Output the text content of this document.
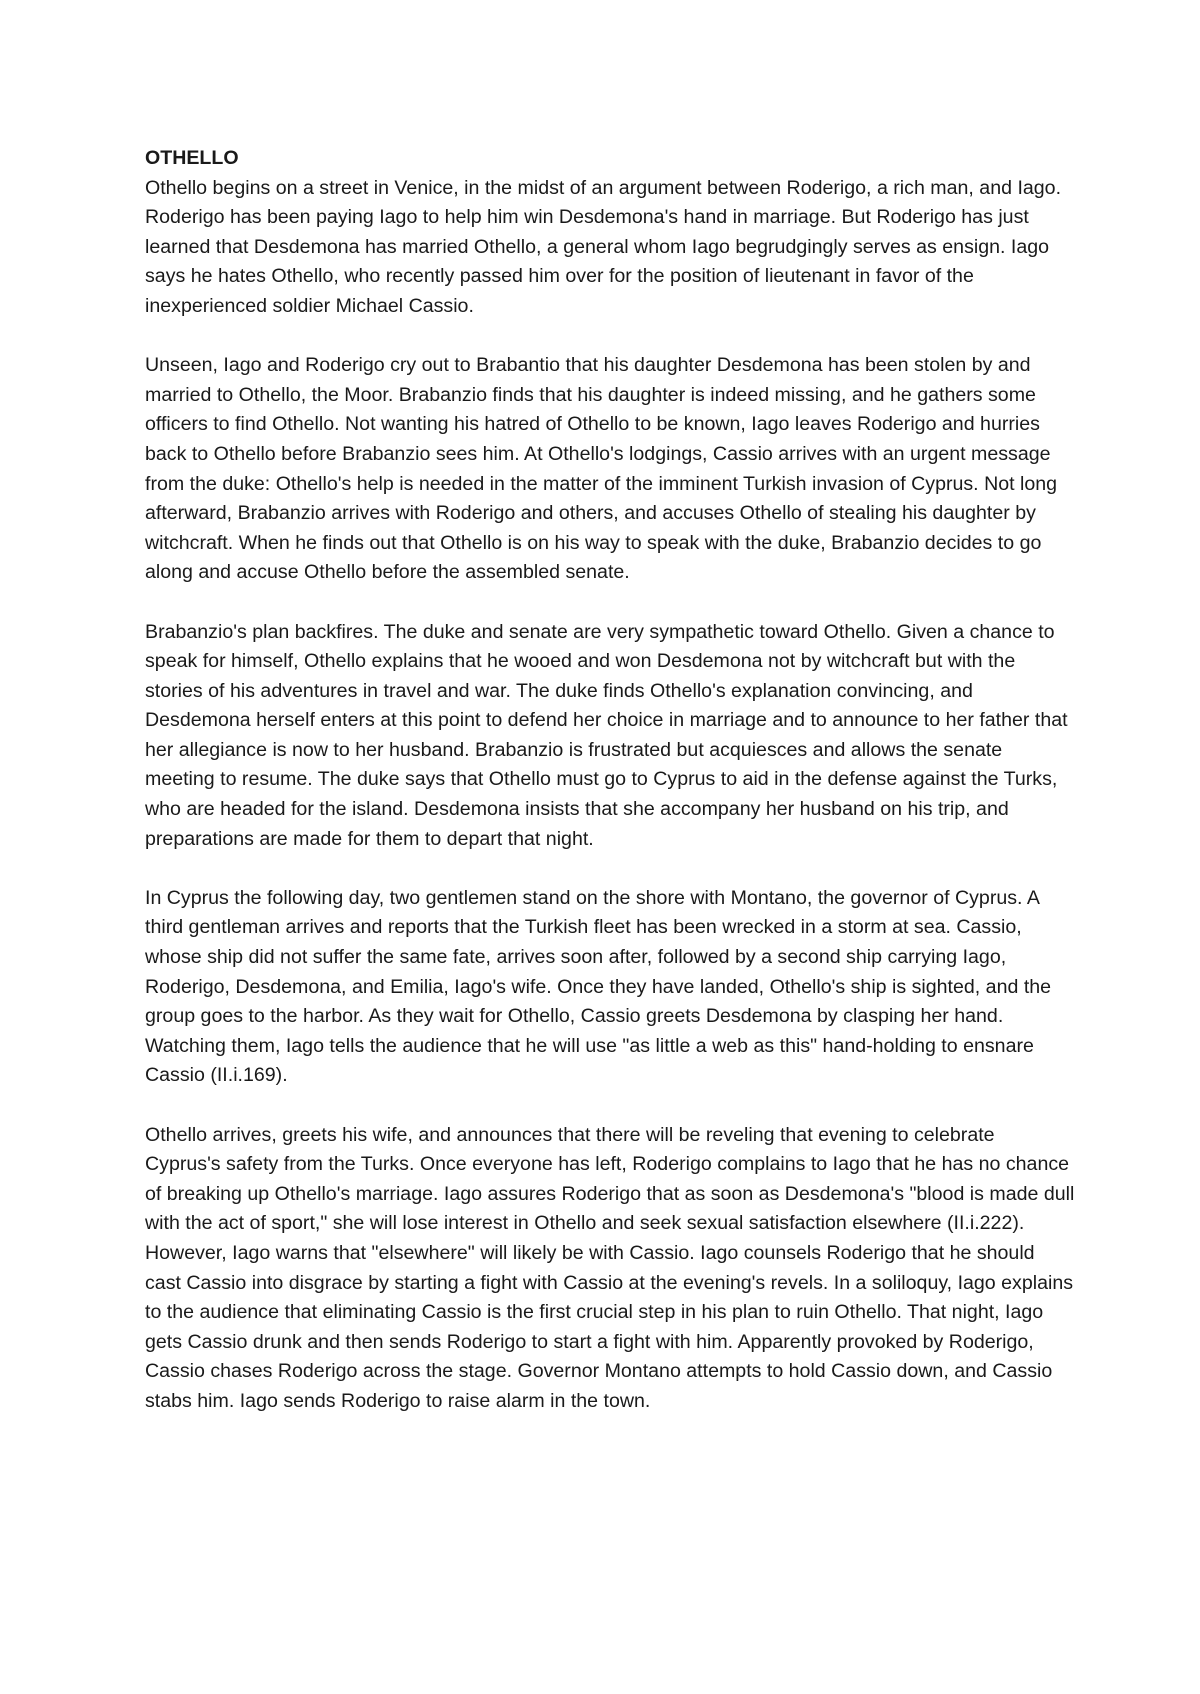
OTHELLO

Othello begins on a street in Venice, in the midst of an argument between Roderigo, a rich man, and Iago. Roderigo has been paying Iago to help him win Desdemona's hand in marriage. But Roderigo has just learned that Desdemona has married Othello, a general whom Iago begrudgingly serves as ensign. Iago says he hates Othello, who recently passed him over for the position of lieutenant in favor of the inexperienced soldier Michael Cassio.

Unseen, Iago and Roderigo cry out to Brabantio that his daughter Desdemona has been stolen by and married to Othello, the Moor. Brabanzio finds that his daughter is indeed missing, and he gathers some officers to find Othello. Not wanting his hatred of Othello to be known, Iago leaves Roderigo and hurries back to Othello before Brabanzio sees him. At Othello's lodgings, Cassio arrives with an urgent message from the duke: Othello's help is needed in the matter of the imminent Turkish invasion of Cyprus. Not long afterward, Brabanzio arrives with Roderigo and others, and accuses Othello of stealing his daughter by witchcraft. When he finds out that Othello is on his way to speak with the duke, Brabanzio decides to go along and accuse Othello before the assembled senate.

Brabanzio's plan backfires. The duke and senate are very sympathetic toward Othello. Given a chance to speak for himself, Othello explains that he wooed and won Desdemona not by witchcraft but with the stories of his adventures in travel and war. The duke finds Othello's explanation convincing, and Desdemona herself enters at this point to defend her choice in marriage and to announce to her father that her allegiance is now to her husband. Brabanzio is frustrated but acquiesces and allows the senate meeting to resume. The duke says that Othello must go to Cyprus to aid in the defense against the Turks, who are headed for the island. Desdemona insists that she accompany her husband on his trip, and preparations are made for them to depart that night.

In Cyprus the following day, two gentlemen stand on the shore with Montano, the governor of Cyprus. A third gentleman arrives and reports that the Turkish fleet has been wrecked in a storm at sea. Cassio, whose ship did not suffer the same fate, arrives soon after, followed by a second ship carrying Iago, Roderigo, Desdemona, and Emilia, Iago's wife. Once they have landed, Othello's ship is sighted, and the group goes to the harbor. As they wait for Othello, Cassio greets Desdemona by clasping her hand. Watching them, Iago tells the audience that he will use "as little a web as this" hand-holding to ensnare Cassio (II.i.169).

Othello arrives, greets his wife, and announces that there will be reveling that evening to celebrate Cyprus's safety from the Turks. Once everyone has left, Roderigo complains to Iago that he has no chance of breaking up Othello's marriage. Iago assures Roderigo that as soon as Desdemona's "blood is made dull with the act of sport," she will lose interest in Othello and seek sexual satisfaction elsewhere (II.i.222). However, Iago warns that "elsewhere" will likely be with Cassio. Iago counsels Roderigo that he should cast Cassio into disgrace by starting a fight with Cassio at the evening's revels. In a soliloquy, Iago explains to the audience that eliminating Cassio is the first crucial step in his plan to ruin Othello. That night, Iago gets Cassio drunk and then sends Roderigo to start a fight with him. Apparently provoked by Roderigo, Cassio chases Roderigo across the stage. Governor Montano attempts to hold Cassio down, and Cassio stabs him. Iago sends Roderigo to raise alarm in the town.
